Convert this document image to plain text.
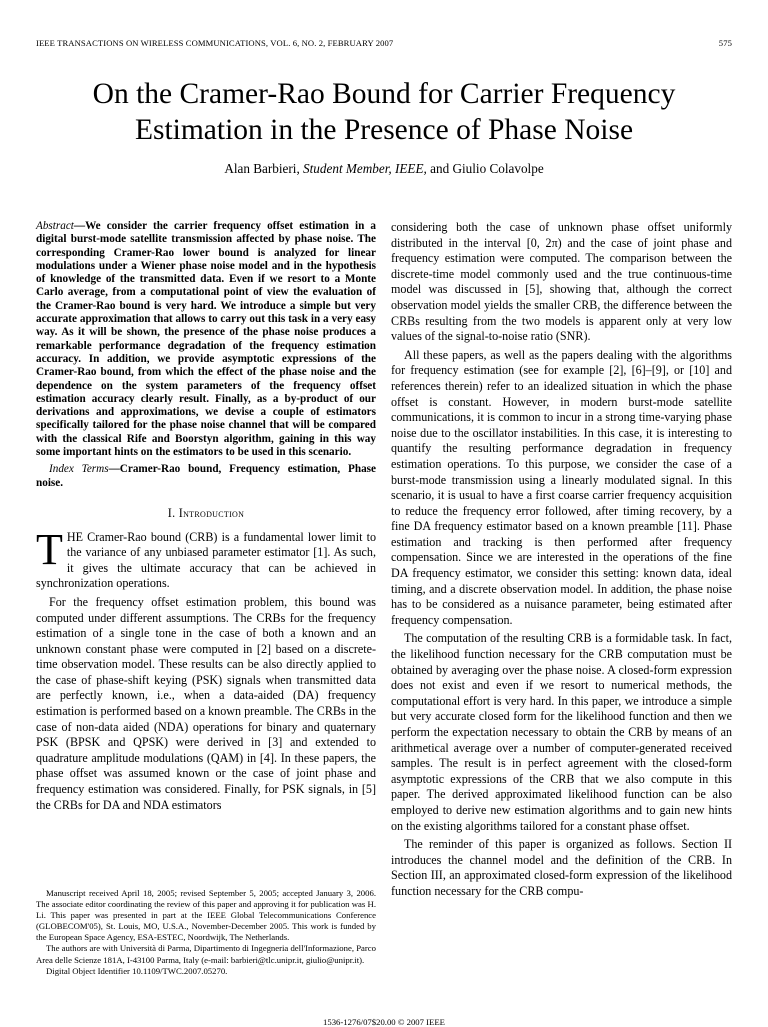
IEEE TRANSACTIONS ON WIRELESS COMMUNICATIONS, VOL. 6, NO. 2, FEBRUARY 2007	575
On the Cramer-Rao Bound for Carrier Frequency
Estimation in the Presence of Phase Noise
Alan Barbieri, Student Member, IEEE, and Giulio Colavolpe

Abstract—We consider the carrier frequency offset estimation in a digital burst-mode satellite transmission affected by phase noise. The corresponding Cramer-Rao lower bound is analyzed for linear modulations under a Wiener phase noise model and in the hypothesis of knowledge of the transmitted data. Even if we resort to a Monte Carlo average, from a computational point of view the evaluation of the Cramer-Rao bound is very hard. We introduce a simple but very accurate approximation that allows to carry out this task in a very easy way. As it will be shown, the presence of the phase noise produces a remarkable performance degradation of the frequency estimation accuracy. In addition, we provide asymptotic expressions of the Cramer-Rao bound, from which the effect of the phase noise and the dependence on the system parameters of the frequency offset estimation accuracy clearly result. Finally, as a by-product of our derivations and approximations, we devise a couple of estimators specifically tailored for the phase noise channel that will be compared with the classical Rife and Boorstyn algorithm, gaining in this way some important hints on the estimators to be used in this scenario.

Index Terms—Cramer-Rao bound, Frequency estimation, Phase noise.

I. Introduction

THE Cramer-Rao bound (CRB) is a fundamental lower limit to the variance of any unbiased parameter estimator [1]. As such, it gives the ultimate accuracy that can be achieved in synchronization operations.

For the frequency offset estimation problem, this bound was computed under different assumptions. The CRBs for the frequency estimation of a single tone in the case of both a known and an unknown constant phase were computed in [2] based on a discrete-time observation model. These results can be also directly applied to the case of phase-shift keying (PSK) signals when transmitted data are perfectly known, i.e., when a data-aided (DA) frequency estimation is performed based on a known preamble. The CRBs in the case of non-data aided (NDA) operations for binary and quaternary PSK (BPSK and QPSK) were derived in [3] and extended to quadrature amplitude modulations (QAM) in [4]. In these papers, the phase offset was assumed known or the case of joint phase and frequency estimation was considered. Finally, for PSK signals, in [5] the CRBs for DA and NDA estimators

Manuscript received April 18, 2005; revised September 5, 2005; accepted January 3, 2006. The associate editor coordinating the review of this paper and approving it for publication was H. Li. This paper was presented in part at the IEEE Global Telecommunications Conference (GLOBECOM'05), St. Louis, MO, U.S.A., November-December 2005. This work is funded by the European Space Agency, ESA-ESTEC, Noordwijk, The Netherlands.

The authors are with Università di Parma, Dipartimento di Ingegneria dell'Informazione, Parco Area delle Scienze 181A, I-43100 Parma, Italy (e-mail: barbieri@tlc.unipr.it, giulio@unipr.it).

Digital Object Identifier 10.1109/TWC.2007.05270.

considering both the case of unknown phase offset uniformly distributed in the interval [0, 2π) and the case of joint phase and frequency estimation were computed. The comparison between the discrete-time model commonly used and the true continuous-time model was discussed in [5], showing that, although the correct observation model yields the smaller CRB, the difference between the CRBs resulting from the two models is apparent only at very low values of the signal-to-noise ratio (SNR).

All these papers, as well as the papers dealing with the algorithms for frequency estimation (see for example [2], [6]–[9], or [10] and references therein) refer to an idealized situation in which the phase offset is constant. However, in modern burst-mode satellite communications, it is common to incur in a strong time-varying phase noise due to the oscillator instabilities. In this case, it is interesting to quantify the resulting performance degradation in frequency estimation operations. To this purpose, we consider the case of a burst-mode transmission using a linearly modulated signal. In this scenario, it is usual to have a first coarse carrier frequency acquisition to reduce the frequency error followed, after timing recovery, by a fine DA frequency estimator based on a known preamble [11]. Phase estimation and tracking is then performed after frequency compensation. Since we are interested in the operations of the fine DA frequency estimator, we consider this setting: known data, ideal timing, and a discrete observation model. In addition, the phase noise has to be considered as a nuisance parameter, being estimated after frequency compensation.

The computation of the resulting CRB is a formidable task. In fact, the likelihood function necessary for the CRB computation must be obtained by averaging over the phase noise. A closed-form expression does not exist and even if we resort to numerical methods, the computational effort is very hard. In this paper, we introduce a simple but very accurate closed form for the likelihood function and then we perform the expectation necessary to obtain the CRB by means of an arithmetical average over a number of computer-generated received samples. The result is in perfect agreement with the closed-form asymptotic expressions of the CRB that we also compute in this paper. The derived approximated likelihood function can be also employed to derive new estimation algorithms and to gain new hints on the existing algorithms tailored for a constant phase offset.

The reminder of this paper is organized as follows. Section II introduces the channel model and the definition of the CRB. In Section III, an approximated closed-form expression of the likelihood function necessary for the CRB compu-

1536-1276/07$20.00 © 2007 IEEE
